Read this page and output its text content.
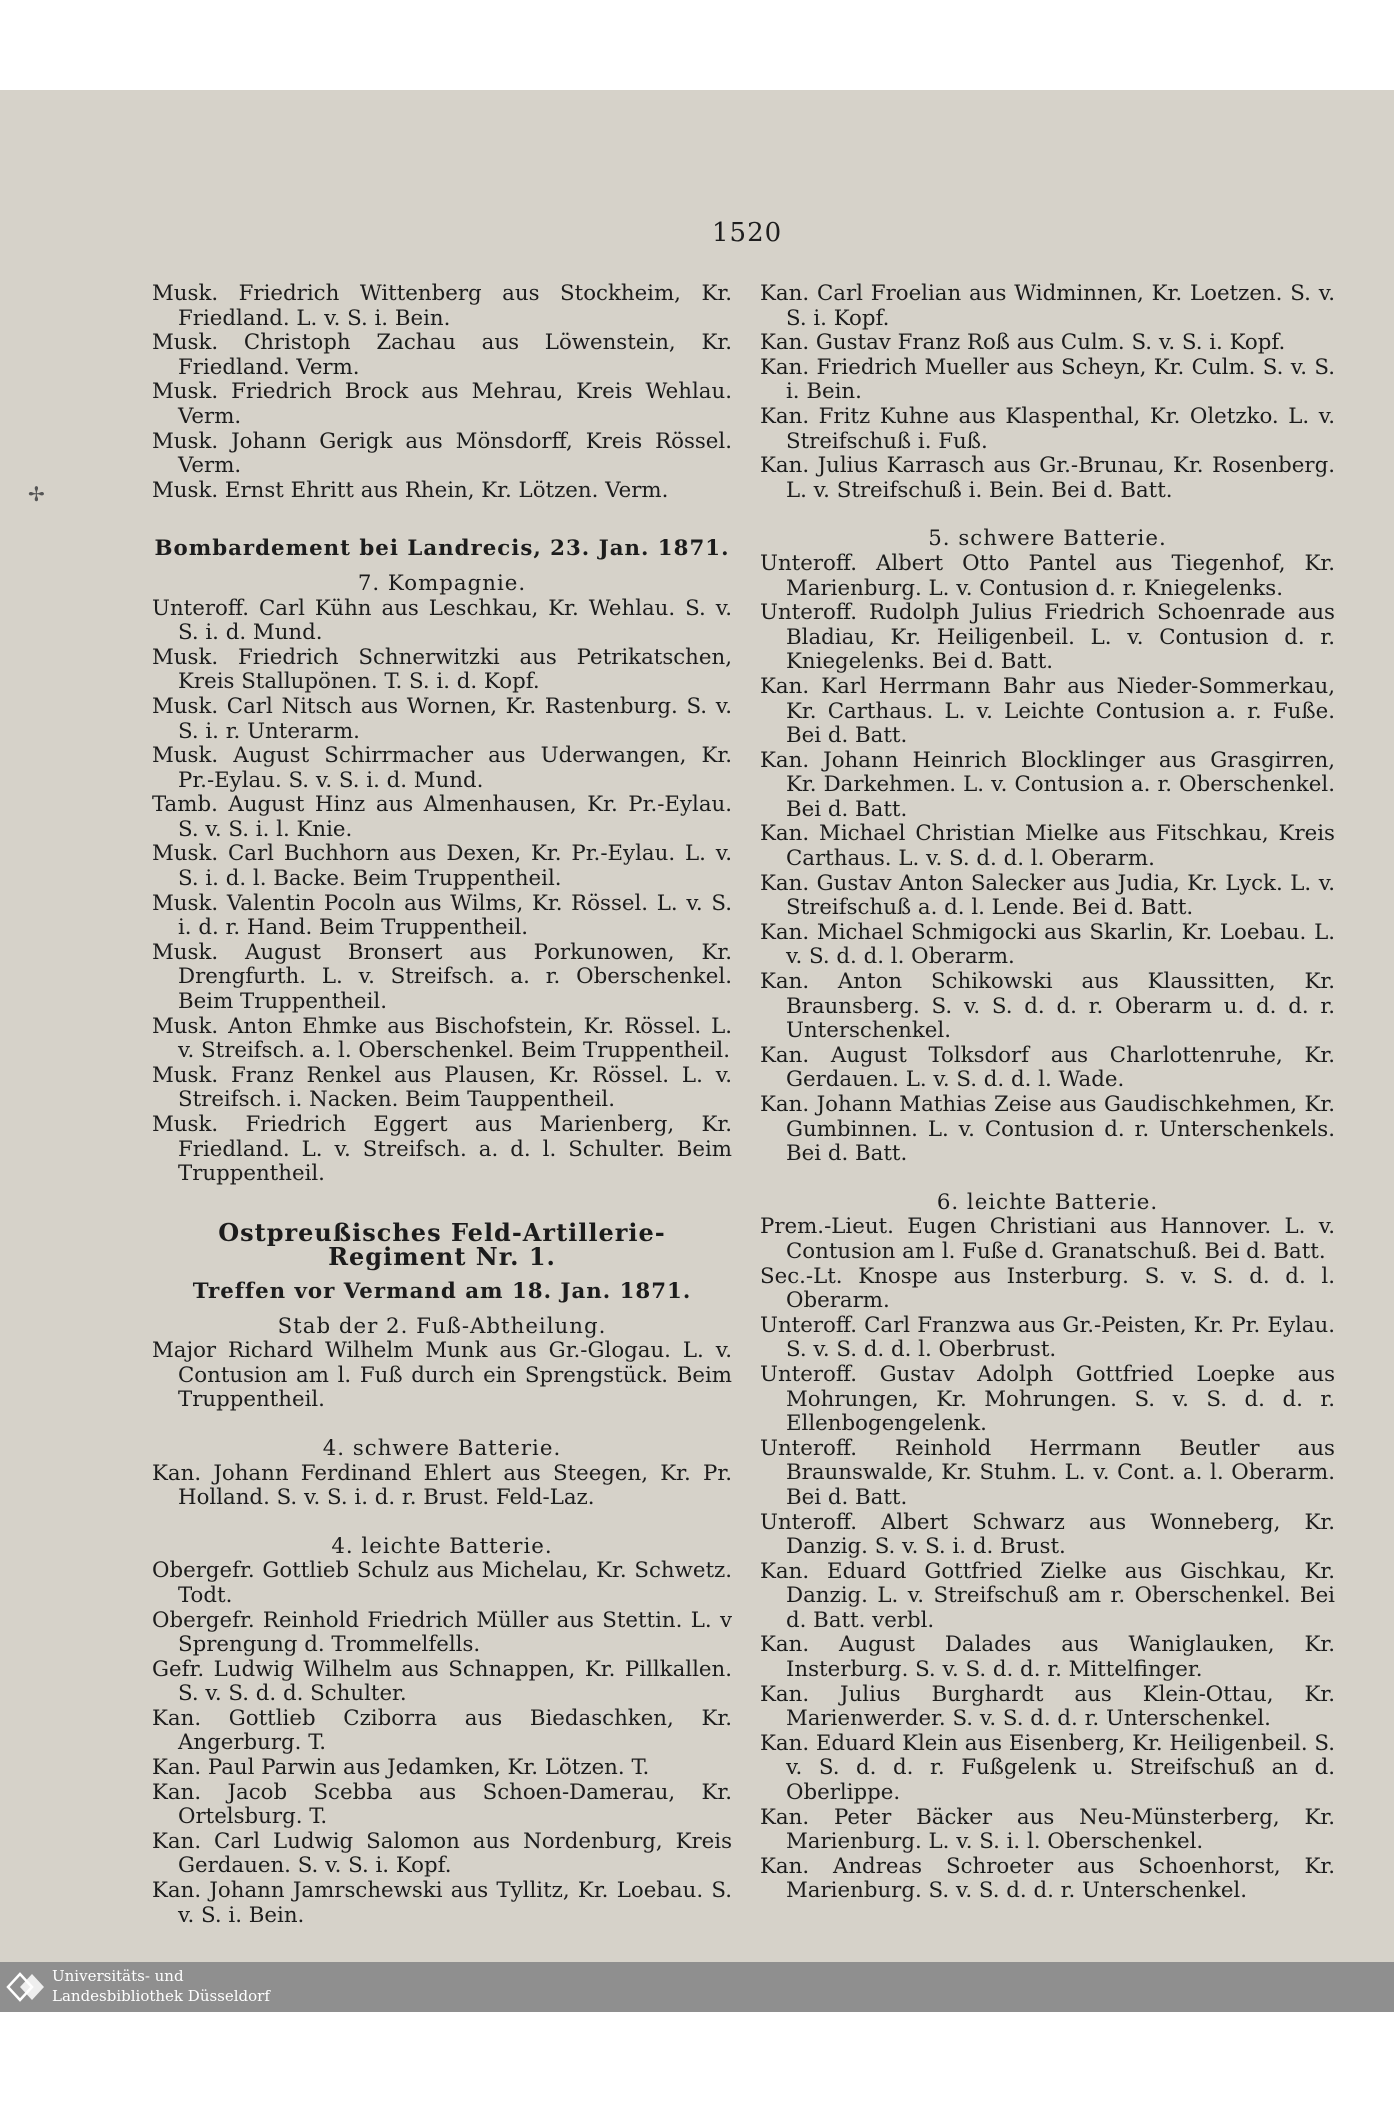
✢
1520

Musk. Friedrich Wittenberg aus Stockheim, Kr. Friedland. L. v. S. i. Bein.

Musk. Christoph Zachau aus Löwenstein, Kr. Friedland. Verm.

Musk. Friedrich Brock aus Mehrau, Kreis Wehlau. Verm.

Musk. Johann Gerigk aus Mönsdorff, Kreis Rössel. Verm.

Musk. Ernst Ehritt aus Rhein, Kr. Lötzen. Verm.

Bombardement bei Landrecis, 23. Jan. 1871.

7. Kompagnie.

Unteroff. Carl Kühn aus Leschkau, Kr. Wehlau. S. v. S. i. d. Mund.

Musk. Friedrich Schnerwitzki aus Petrikatschen, Kreis Stallupönen. T. S. i. d. Kopf.

Musk. Carl Nitsch aus Wornen, Kr. Rastenburg. S. v. S. i. r. Unterarm.

Musk. August Schirrmacher aus Uderwangen, Kr. Pr.-Eylau. S. v. S. i. d. Mund.

Tamb. August Hinz aus Almenhausen, Kr. Pr.-Eylau. S. v. S. i. l. Knie.

Musk. Carl Buchhorn aus Dexen, Kr. Pr.-Eylau. L. v. S. i. d. l. Backe. Beim Truppentheil.

Musk. Valentin Pocoln aus Wilms, Kr. Rössel. L. v. S. i. d. r. Hand. Beim Truppentheil.

Musk. August Bronsert aus Porkunowen, Kr. Drengfurth. L. v. Streifsch. a. r. Oberschenkel. Beim Truppentheil.

Musk. Anton Ehmke aus Bischofstein, Kr. Rössel. L. v. Streifsch. a. l. Oberschenkel. Beim Truppentheil.

Musk. Franz Renkel aus Plausen, Kr. Rössel. L. v. Streifsch. i. Nacken. Beim Tauppentheil.

Musk. Friedrich Eggert aus Marienberg, Kr. Friedland. L. v. Streifsch. a. d. l. Schulter. Beim Truppentheil.

Ostpreußisches Feld-Artillerie-Regiment Nr. 1.

Treffen vor Vermand am 18. Jan. 1871.

Stab der 2. Fuß-Abtheilung.

Major Richard Wilhelm Munk aus Gr.-Glogau. L. v. Contusion am l. Fuß durch ein Sprengstück. Beim Truppentheil.

4. schwere Batterie.

Kan. Johann Ferdinand Ehlert aus Steegen, Kr. Pr. Holland. S. v. S. i. d. r. Brust. Feld-Laz.

4. leichte Batterie.

Obergefr. Gottlieb Schulz aus Michelau, Kr. Schwetz. Todt.

Obergefr. Reinhold Friedrich Müller aus Stettin. L. v Sprengung d. Trommelfells.

Gefr. Ludwig Wilhelm aus Schnappen, Kr. Pillkallen. S. v. S. d. d. Schulter.

Kan. Gottlieb Cziborra aus Biedaschken, Kr. Angerburg. T.

Kan. Paul Parwin aus Jedamken, Kr. Lötzen. T.

Kan. Jacob Scebba aus Schoen-Damerau, Kr. Ortelsburg. T.

Kan. Carl Ludwig Salomon aus Nordenburg, Kreis Gerdauen. S. v. S. i. Kopf.

Kan. Johann Jamrschewski aus Tyllitz, Kr. Loebau. S. v. S. i. Bein.

Kan. Carl Froelian aus Widminnen, Kr. Loetzen. S. v. S. i. Kopf.

Kan. Gustav Franz Roß aus Culm. S. v. S. i. Kopf.

Kan. Friedrich Mueller aus Scheyn, Kr. Culm. S. v. S. i. Bein.

Kan. Fritz Kuhne aus Klaspenthal, Kr. Oletzko. L. v. Streifschuß i. Fuß.

Kan. Julius Karrasch aus Gr.-Brunau, Kr. Rosenberg. L. v. Streifschuß i. Bein. Bei d. Batt.

5. schwere Batterie.

Unteroff. Albert Otto Pantel aus Tiegenhof, Kr. Marienburg. L. v. Contusion d. r. Kniegelenks.

Unteroff. Rudolph Julius Friedrich Schoenrade aus Bladiau, Kr. Heiligenbeil. L. v. Contusion d. r. Kniegelenks. Bei d. Batt.

Kan. Karl Herrmann Bahr aus Nieder-Sommerkau, Kr. Carthaus. L. v. Leichte Contusion a. r. Fuße. Bei d. Batt.

Kan. Johann Heinrich Blocklinger aus Grasgirren, Kr. Darkehmen. L. v. Contusion a. r. Oberschenkel. Bei d. Batt.

Kan. Michael Christian Mielke aus Fitschkau, Kreis Carthaus. L. v. S. d. d. l. Oberarm.

Kan. Gustav Anton Salecker aus Judia, Kr. Lyck. L. v. Streifschuß a. d. l. Lende. Bei d. Batt.

Kan. Michael Schmigocki aus Skarlin, Kr. Loebau. L. v. S. d. d. l. Oberarm.

Kan. Anton Schikowski aus Klaussitten, Kr. Braunsberg. S. v. S. d. d. r. Oberarm u. d. d. r. Unterschenkel.

Kan. August Tolksdorf aus Charlottenruhe, Kr. Gerdauen. L. v. S. d. d. l. Wade.

Kan. Johann Mathias Zeise aus Gaudischkehmen, Kr. Gumbinnen. L. v. Contusion d. r. Unterschenkels. Bei d. Batt.

6. leichte Batterie.

Prem.-Lieut. Eugen Christiani aus Hannover. L. v. Contusion am l. Fuße d. Granatschuß. Bei d. Batt.

Sec.-Lt. Knospe aus Insterburg. S. v. S. d. d. l. Oberarm.

Unteroff. Carl Franzwa aus Gr.-Peisten, Kr. Pr. Eylau. S. v. S. d. d. l. Oberbrust.

Unteroff. Gustav Adolph Gottfried Loepke aus Mohrungen, Kr. Mohrungen. S. v. S. d. d. r. Ellenbogengelenk.

Unteroff. Reinhold Herrmann Beutler aus Braunswalde, Kr. Stuhm. L. v. Cont. a. l. Oberarm. Bei d. Batt.

Unteroff. Albert Schwarz aus Wonneberg, Kr. Danzig. S. v. S. i. d. Brust.

Kan. Eduard Gottfried Zielke aus Gischkau, Kr. Danzig. L. v. Streifschuß am r. Oberschenkel. Bei d. Batt. verbl.

Kan. August Dalades aus Waniglauken, Kr. Insterburg. S. v. S. d. d. r. Mittelfinger.

Kan. Julius Burghardt aus Klein-Ottau, Kr. Marienwerder. S. v. S. d. d. r. Unterschenkel.

Kan. Eduard Klein aus Eisenberg, Kr. Heiligenbeil. S. v. S. d. d. r. Fußgelenk u. Streifschuß an d. Oberlippe.

Kan. Peter Bäcker aus Neu-Münsterberg, Kr. Marienburg. L. v. S. i. l. Oberschenkel.

Kan. Andreas Schroeter aus Schoenhorst, Kr. Marienburg. S. v. S. d. d. r. Unterschenkel.

Universitäts- und
Landesbibliothek Düsseldorf
